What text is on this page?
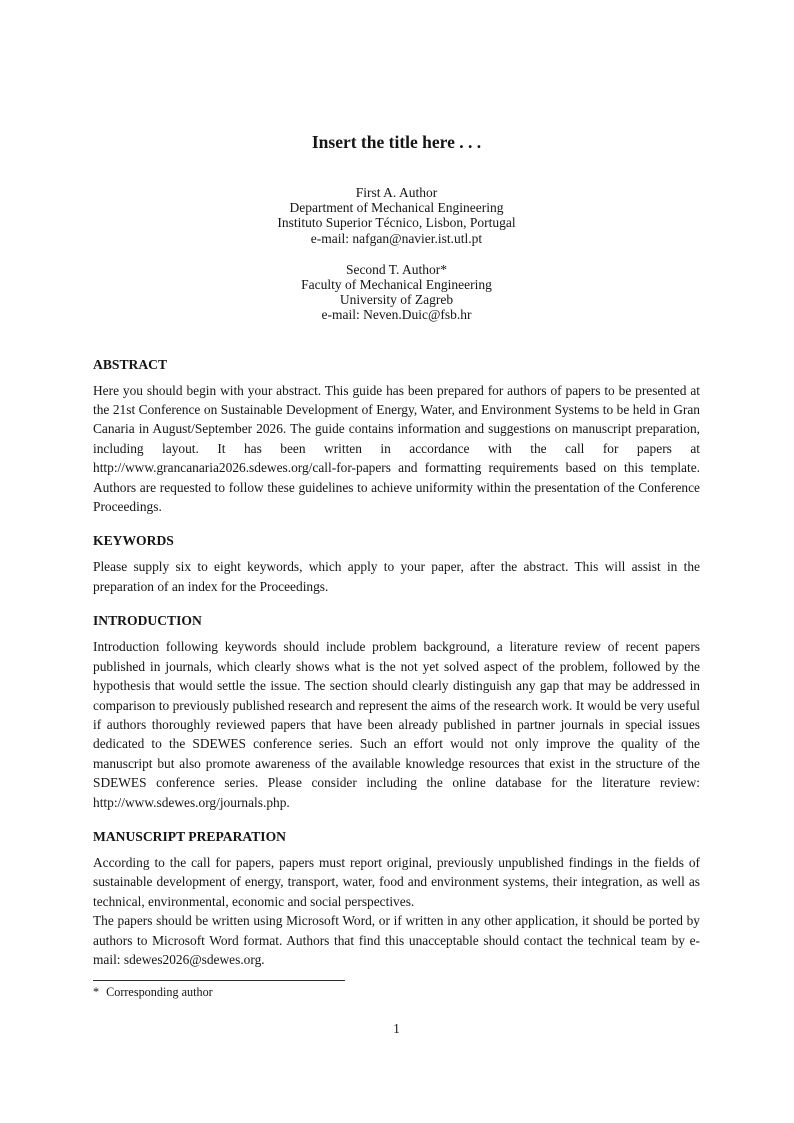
Insert the title here . . .
First A. Author
Department of Mechanical Engineering
Instituto Superior Técnico, Lisbon, Portugal
e-mail: nafgan@navier.ist.utl.pt
Second T. Author*
Faculty of Mechanical Engineering
University of Zagreb
e-mail: Neven.Duic@fsb.hr
ABSTRACT

Here you should begin with your abstract. This guide has been prepared for authors of papers to be presented at the 21st Conference on Sustainable Development of Energy, Water, and Environment Systems to be held in Gran Canaria in August/September 2026. The guide contains information and suggestions on manuscript preparation, including layout. It has been written in accordance with the call for papers at http://www.grancanaria2026.sdewes.org/call-for-papers and formatting requirements based on this template. Authors are requested to follow these guidelines to achieve uniformity within the presentation of the Conference Proceedings.

KEYWORDS

Please supply six to eight keywords, which apply to your paper, after the abstract. This will assist in the preparation of an index for the Proceedings.

INTRODUCTION

Introduction following keywords should include problem background, a literature review of recent papers published in journals, which clearly shows what is the not yet solved aspect of the problem, followed by the hypothesis that would settle the issue. The section should clearly distinguish any gap that may be addressed in comparison to previously published research and represent the aims of the research work. It would be very useful if authors thoroughly reviewed papers that have been already published in partner journals in special issues dedicated to the SDEWES conference series. Such an effort would not only improve the quality of the manuscript but also promote awareness of the available knowledge resources that exist in the structure of the SDEWES conference series. Please consider including the online database for the literature review: http://www.sdewes.org/journals.php.

MANUSCRIPT PREPARATION

According to the call for papers, papers must report original, previously unpublished findings in the fields of sustainable development of energy, transport, water, food and environment systems, their integration, as well as technical, environmental, economic and social perspectives.

The papers should be written using Microsoft Word, or if written in any other application, it should be ported by authors to Microsoft Word format. Authors that find this unacceptable should contact the technical team by e-mail: sdewes2026@sdewes.org.

* Corresponding author
1
